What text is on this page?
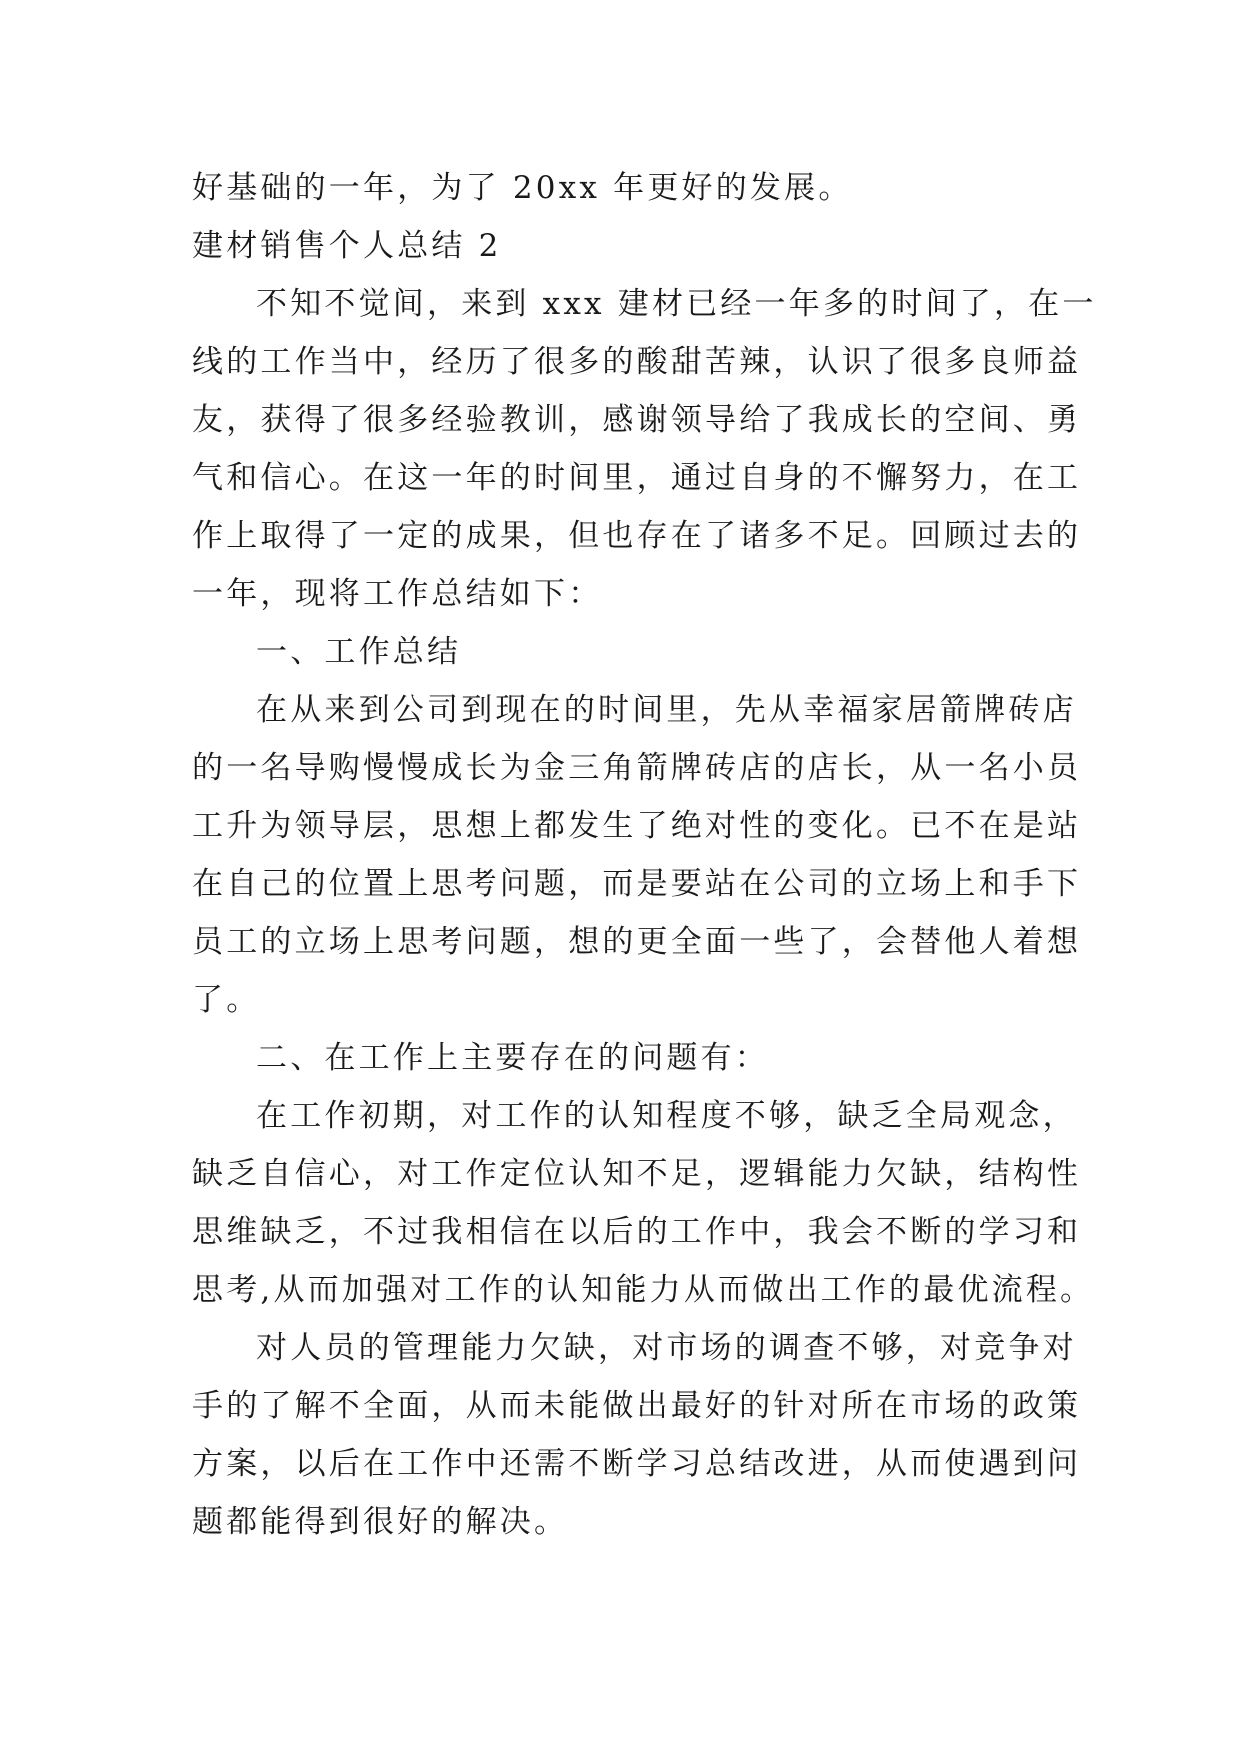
好基础的一年，为了 20xx 年更好的发展。
建材销售个人总结 2
不知不觉间，来到 xxx 建材已经一年多的时间了，在一
线的工作当中，经历了很多的酸甜苦辣，认识了很多良师益
友，获得了很多经验教训，感谢领导给了我成长的空间、勇
气和信心。在这一年的时间里，通过自身的不懈努力，在工
作上取得了一定的成果，但也存在了诸多不足。回顾过去的
一年，现将工作总结如下：
一、工作总结
在从来到公司到现在的时间里，先从幸福家居箭牌砖店
的一名导购慢慢成长为金三角箭牌砖店的店长，从一名小员
工升为领导层，思想上都发生了绝对性的变化。已不在是站
在自己的位置上思考问题，而是要站在公司的立场上和手下
员工的立场上思考问题，想的更全面一些了，会替他人着想
了。
二、在工作上主要存在的问题有：
在工作初期，对工作的认知程度不够，缺乏全局观念，
缺乏自信心，对工作定位认知不足，逻辑能力欠缺，结构性
思维缺乏，不过我相信在以后的工作中，我会不断的学习和
思考,从而加强对工作的认知能力从而做出工作的最优流程。
对人员的管理能力欠缺，对市场的调查不够，对竞争对
手的了解不全面，从而未能做出最好的针对所在市场的政策
方案，以后在工作中还需不断学习总结改进，从而使遇到问
题都能得到很好的解决。
